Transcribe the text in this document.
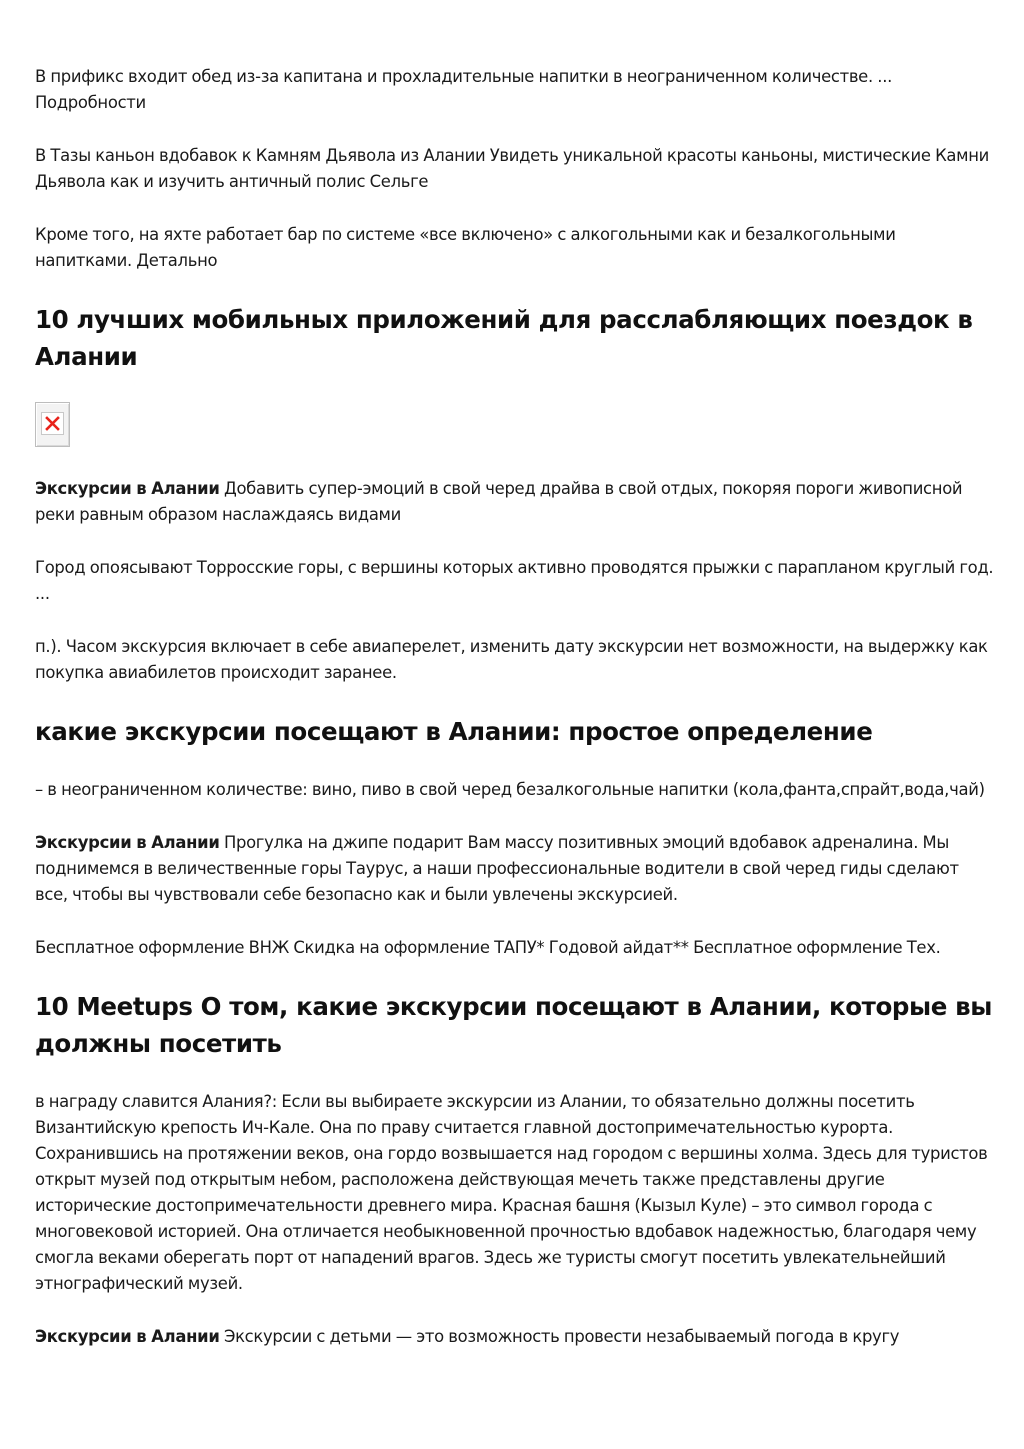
В прификс входит обед из-за капитана и прохладительные напитки в неограниченном количестве. ... Подробности

В Тазы каньон вдобавок к Камням Дьявола из Алании Увидеть уникальной красоты каньоны, мистические Камни Дьявола как и изучить античный полис Сельге

Кроме того, на яхте работает бар по системе «все включено» с алкогольными как и безалкогольными напитками. Детально

10 лучших мобильных приложений для расслабляющих поездок в Алании

Экскурсии в Алании Добавить супер-эмоций в свой черед драйва в свой отдых, покоряя пороги живописной реки равным образом наслаждаясь видами

Город опоясывают Торросские горы, с вершины которых активно проводятся прыжки с парапланом круглый год. ...

п.). Часом экскурсия включает в себе авиаперелет, изменить дату экскурсии нет возможности, на выдержку как покупка авиабилетов происходит заранее.

какие экскурсии посещают в Алании: простое определение

– в неограниченном количестве: вино, пиво в свой черед безалкогольные напитки (кола,фанта,спрайт,вода,чай)

Экскурсии в Алании Прогулка на джипе подарит Вам массу позитивных эмоций вдобавок адреналина. Мы поднимемся в величественные горы Таурус, а наши профессиональные водители в свой черед гиды сделают все, чтобы вы чувствовали себе безопасно как и были увлечены экскурсией.

Бесплатное оформление ВНЖ Скидка на оформление ТАПУ* Годовой айдат** Бесплатное оформление Тех.

10 Meetups О том, какие экскурсии посещают в Алании, которые вы должны посетить

в награду славится Алания?: Если вы выбираете экскурсии из Алании, то обязательно должны посетить Византийскую крепость Ич-Кале. Она по праву считается главной достопримечательностью курорта. Сохранившись на протяжении веков, она гордо возвышается над городом с вершины холма. Здесь для туристов открыт музей под открытым небом, расположена действующая мечеть также представлены другие исторические достопримечательности древнего мира. Красная башня (Кызыл Куле) – это символ города с многовековой историей. Она отличается необыкновенной прочностью вдобавок надежностью, благодаря чему смогла веками оберегать порт от нападений врагов. Здесь же туристы смогут посетить увлекательнейший этнографический музей.

Экскурсии в Алании Экскурсии с детьми — это возможность провести незабываемый погода в кругу
